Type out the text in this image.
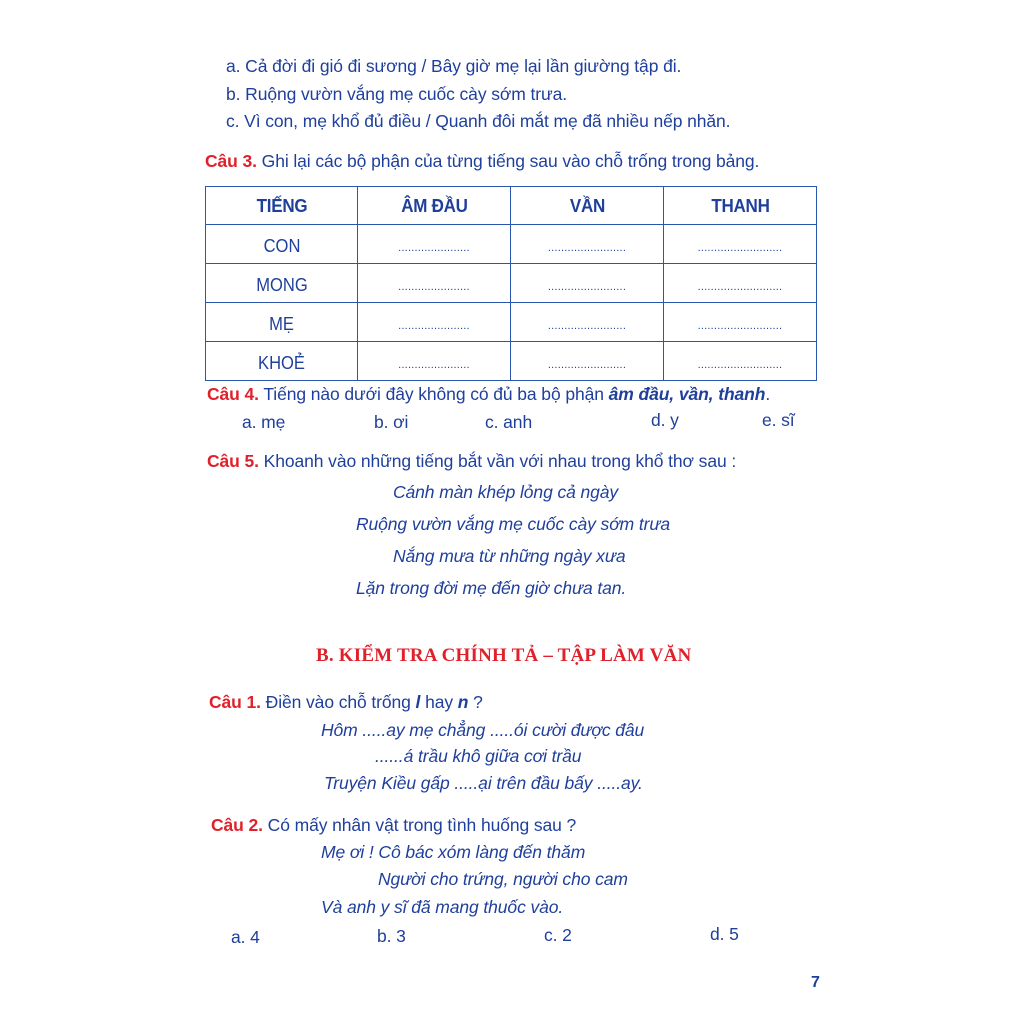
a. Cả đời đi gió đi sương / Bây giờ mẹ lại lần giường tập đi.
b. Ruộng vườn vắng mẹ cuốc cày sớm trưa.
c. Vì con, mẹ khổ đủ điều / Quanh đôi mắt mẹ đã nhiều nếp nhăn.
Câu 3. Ghi lại các bộ phận của từng tiếng sau vào chỗ trống trong bảng.
TIẾNG	ÂM ĐẦU	VẦN	THANH
CON	......................	........................	..........................
MONG	......................	........................	..........................
MẸ	......................	........................	..........................
KHOẺ	......................	........................	..........................
Câu 4. Tiếng nào dưới đây không có đủ ba bộ phận âm đầu, vần, thanh.
a. mẹ	b. ơi	c. anh	d. y	e. sĩ
Câu 5. Khoanh vào những tiếng bắt vần với nhau trong khổ thơ sau :
Cánh màn khép lỏng cả ngày
Ruộng vườn vắng mẹ cuốc cày sớm trưa
Nắng mưa từ những ngày xưa
Lặn trong đời mẹ đến giờ chưa tan.
B. KIỂM TRA CHÍNH TẢ – TẬP LÀM VĂN
Câu 1. Điền vào chỗ trống l hay n ?
Hôm .....ay mẹ chẳng .....ói cười được đâu
......á trầu khô giữa cơi trầu
Truyện Kiều gấp .....ại trên đầu bấy .....ay.
Câu 2. Có mấy nhân vật trong tình huống sau ?
Mẹ ơi ! Cô bác xóm làng đến thăm
Người cho trứng, người cho cam
Và anh y sĩ đã mang thuốc vào.
a. 4	b. 3	c. 2	d. 5
7
